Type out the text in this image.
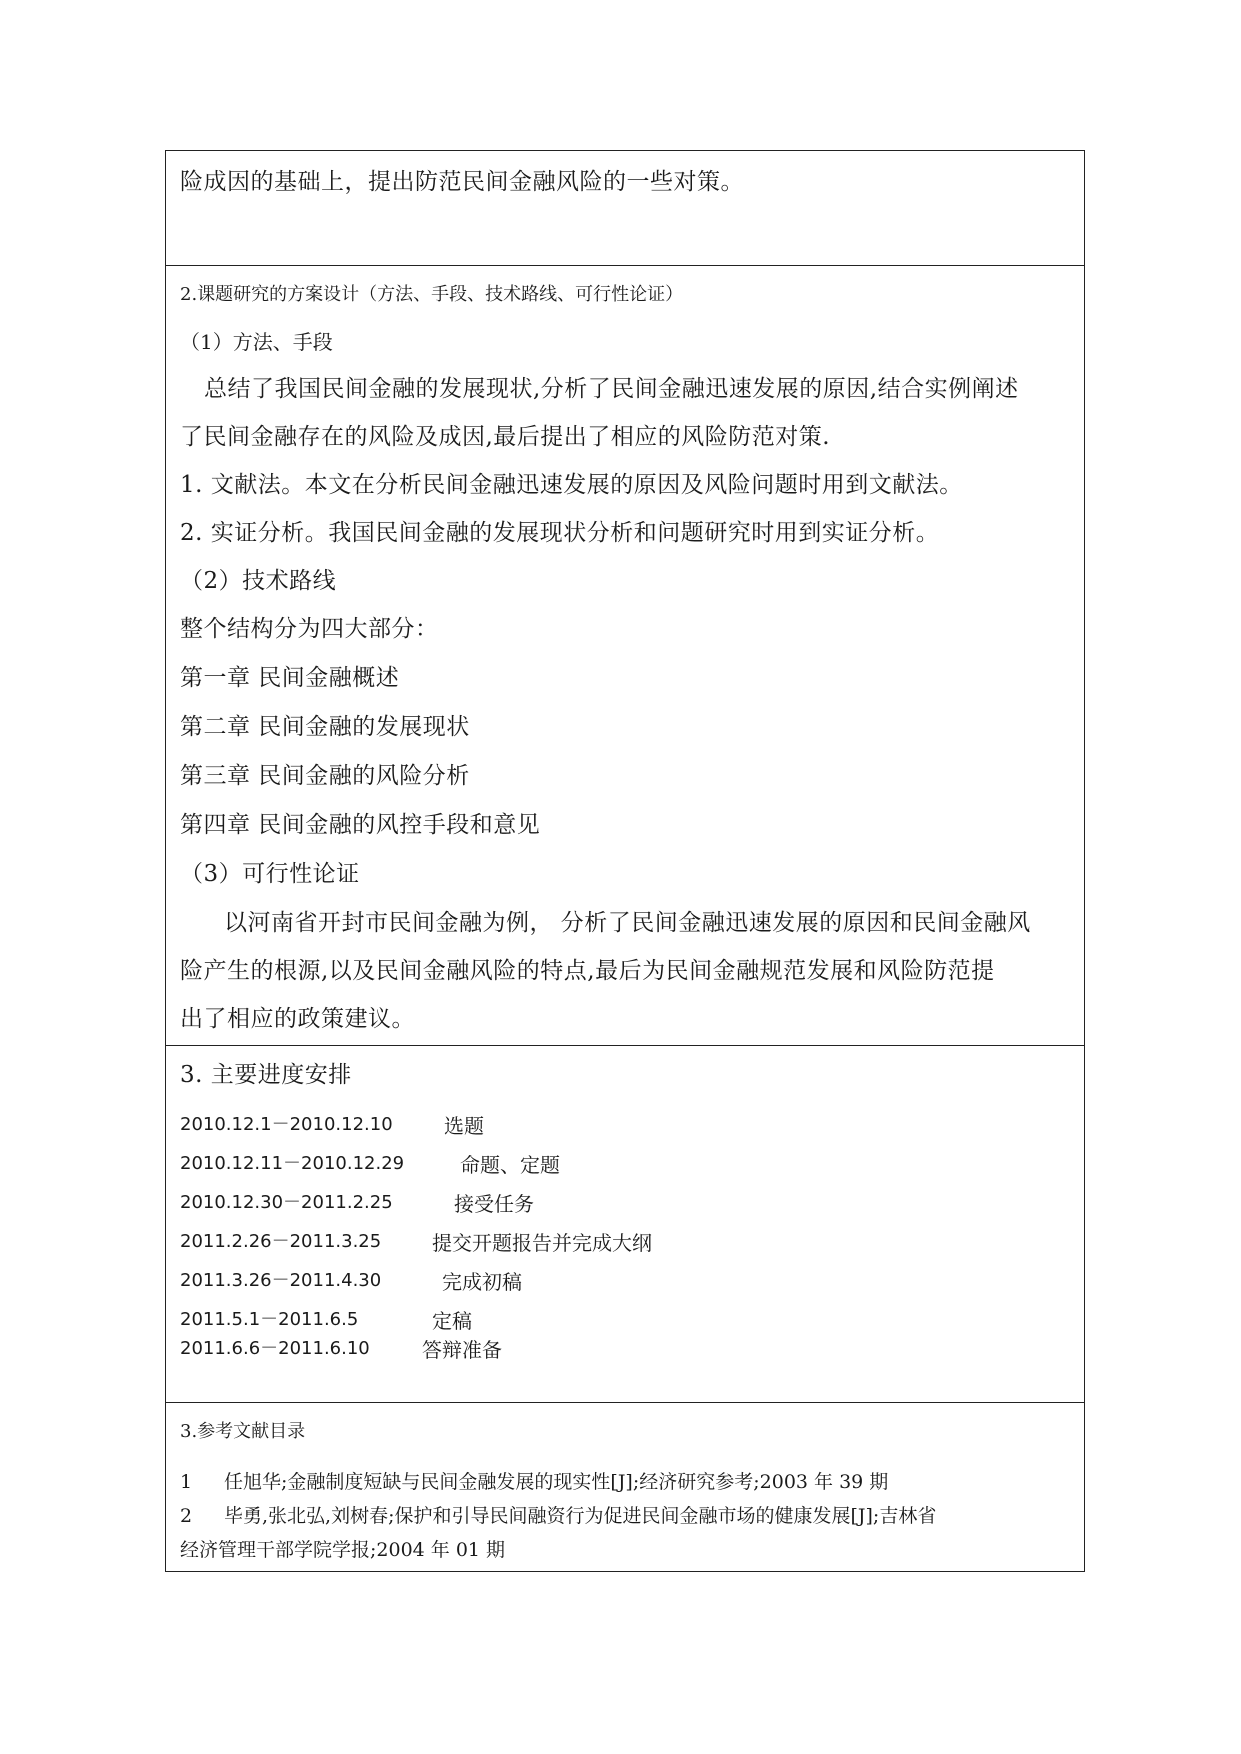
险成因的基础上，提出防范民间金融风险的一些对策。
2.课题研究的方案设计（方法、手段、技术路线、可行性论证）
（1）方法、手段
总结了我国民间金融的发展现状,分析了民间金融迅速发展的原因,结合实例阐述
了民间金融存在的风险及成因,最后提出了相应的风险防范对策.
1. 文献法。本文在分析民间金融迅速发展的原因及风险问题时用到文献法。
2. 实证分析。我国民间金融的发展现状分析和问题研究时用到实证分析。
（2）技术路线
整个结构分为四大部分：
第一章 民间金融概述
第二章 民间金融的发展现状
第三章 民间金融的风险分析
第四章 民间金融的风控手段和意见
（3）可行性论证
以河南省开封市民间金融为例， 分析了民间金融迅速发展的原因和民间金融风
险产生的根源,以及民间金融风险的特点,最后为民间金融规范发展和风险防范提
出了相应的政策建议。
3. 主要进度安排
2010.12.1－2010.12.10	选题
2010.12.11－2010.12.29	命题、定题
2010.12.30－2011.2.25	接受任务
2011.2.26－2011.3.25	提交开题报告并完成大纲
2011.3.26－2011.4.30	完成初稿
2011.5.1－2011.6.5	定稿
2011.6.6－2011.6.10	答辩准备
3.参考文献目录
1 任旭华;金融制度短缺与民间金融发展的现实性[J];经济研究参考;2003 年 39 期
2 毕勇,张北弘,刘树春;保护和引导民间融资行为促进民间金融市场的健康发展[J];吉林省
经济管理干部学院学报;2004 年 01 期
